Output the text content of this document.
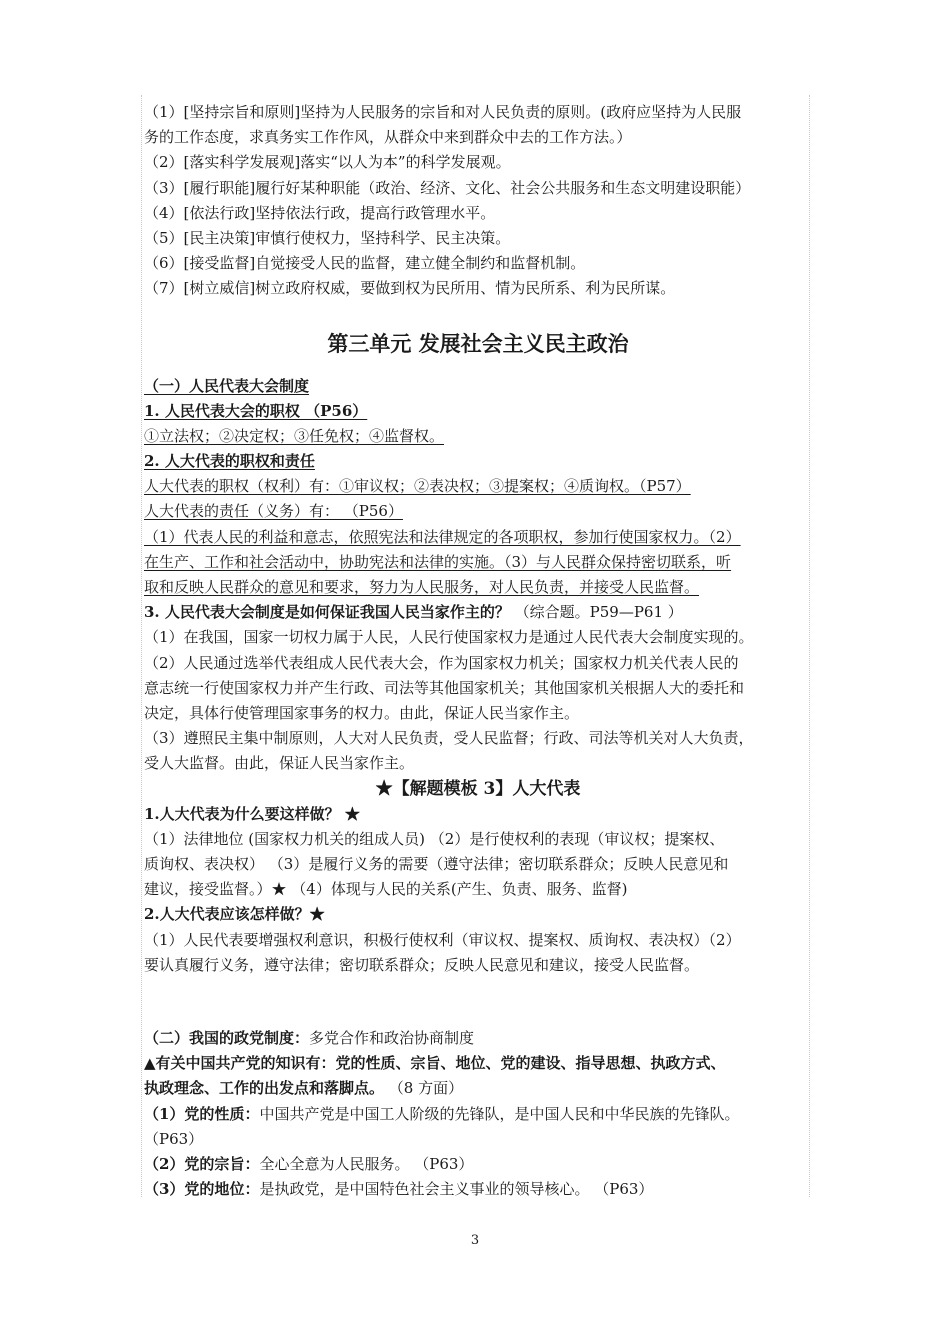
（1）[坚持宗旨和原则]坚持为人民服务的宗旨和对人民负责的原则。(政府应坚持为人民服
务的工作态度，求真务实工作作风，从群众中来到群众中去的工作方法。）
（2）[落实科学发展观]落实“以人为本”的科学发展观。
（3）[履行职能]履行好某种职能（政治、经济、文化、社会公共服务和生态文明建设职能）
（4）[依法行政]坚持依法行政，提高行政管理水平。
（5）[民主决策]审慎行使权力，坚持科学、民主决策。
（6）[接受监督]自觉接受人民的监督，建立健全制约和监督机制。
（7）[树立威信]树立政府权威，要做到权为民所用、情为民所系、利为民所谋。
第三单元 发展社会主义民主政治
（一）人民代表大会制度
1. 人民代表大会的职权 （P56）
①立法权；②决定权；③任免权；④监督权。
2. 人大代表的职权和责任
人大代表的职权（权利）有：①审议权；②表决权；③提案权；④质询权。（P57）
人大代表的责任（义务）有： （P56）
（1）代表人民的利益和意志，依照宪法和法律规定的各项职权，参加行使国家权力。（2）
在生产、工作和社会活动中，协助宪法和法律的实施。（3）与人民群众保持密切联系，听
取和反映人民群众的意见和要求，努力为人民服务，对人民负责，并接受人民监督。
3. 人民代表大会制度是如何保证我国人民当家作主的？ （综合题。P59—P61 ）
（1）在我国，国家一切权力属于人民，人民行使国家权力是通过人民代表大会制度实现的。
（2）人民通过选举代表组成人民代表大会，作为国家权力机关；国家权力机关代表人民的
意志统一行使国家权力并产生行政、司法等其他国家机关；其他国家机关根据人大的委托和
决定，具体行使管理国家事务的权力。由此，保证人民当家作主。
（3）遵照民主集中制原则，人大对人民负责，受人民监督；行政、司法等机关对人大负责，
受人大监督。由此，保证人民当家作主。
★【解题模板 3】人大代表
1.人大代表为什么要这样做？ ★
（1）法律地位 (国家权力机关的组成人员) （2）是行使权利的表现（审议权；提案权、
质询权、表决权） （3）是履行义务的需要（遵守法律；密切联系群众；反映人民意见和
建议，接受监督。）★ （4）体现与人民的关系(产生、负责、服务、监督)
2.人大代表应该怎样做？★
（1）人民代表要增强权利意识，积极行使权利（审议权、提案权、质询权、表决权）（2）
要认真履行义务，遵守法律；密切联系群众；反映人民意见和建议，接受人民监督。
（二）我国的政党制度：多党合作和政治协商制度
▲有关中国共产党的知识有：党的性质、宗旨、地位、党的建设、指导思想、执政方式、
执政理念、工作的出发点和落脚点。 （8 方面）
（1）党的性质：中国共产党是中国工人阶级的先锋队，是中国人民和中华民族的先锋队。
（P63）
（2）党的宗旨：全心全意为人民服务。 （P63）
（3）党的地位：是执政党，是中国特色社会主义事业的领导核心。 （P63）
3
